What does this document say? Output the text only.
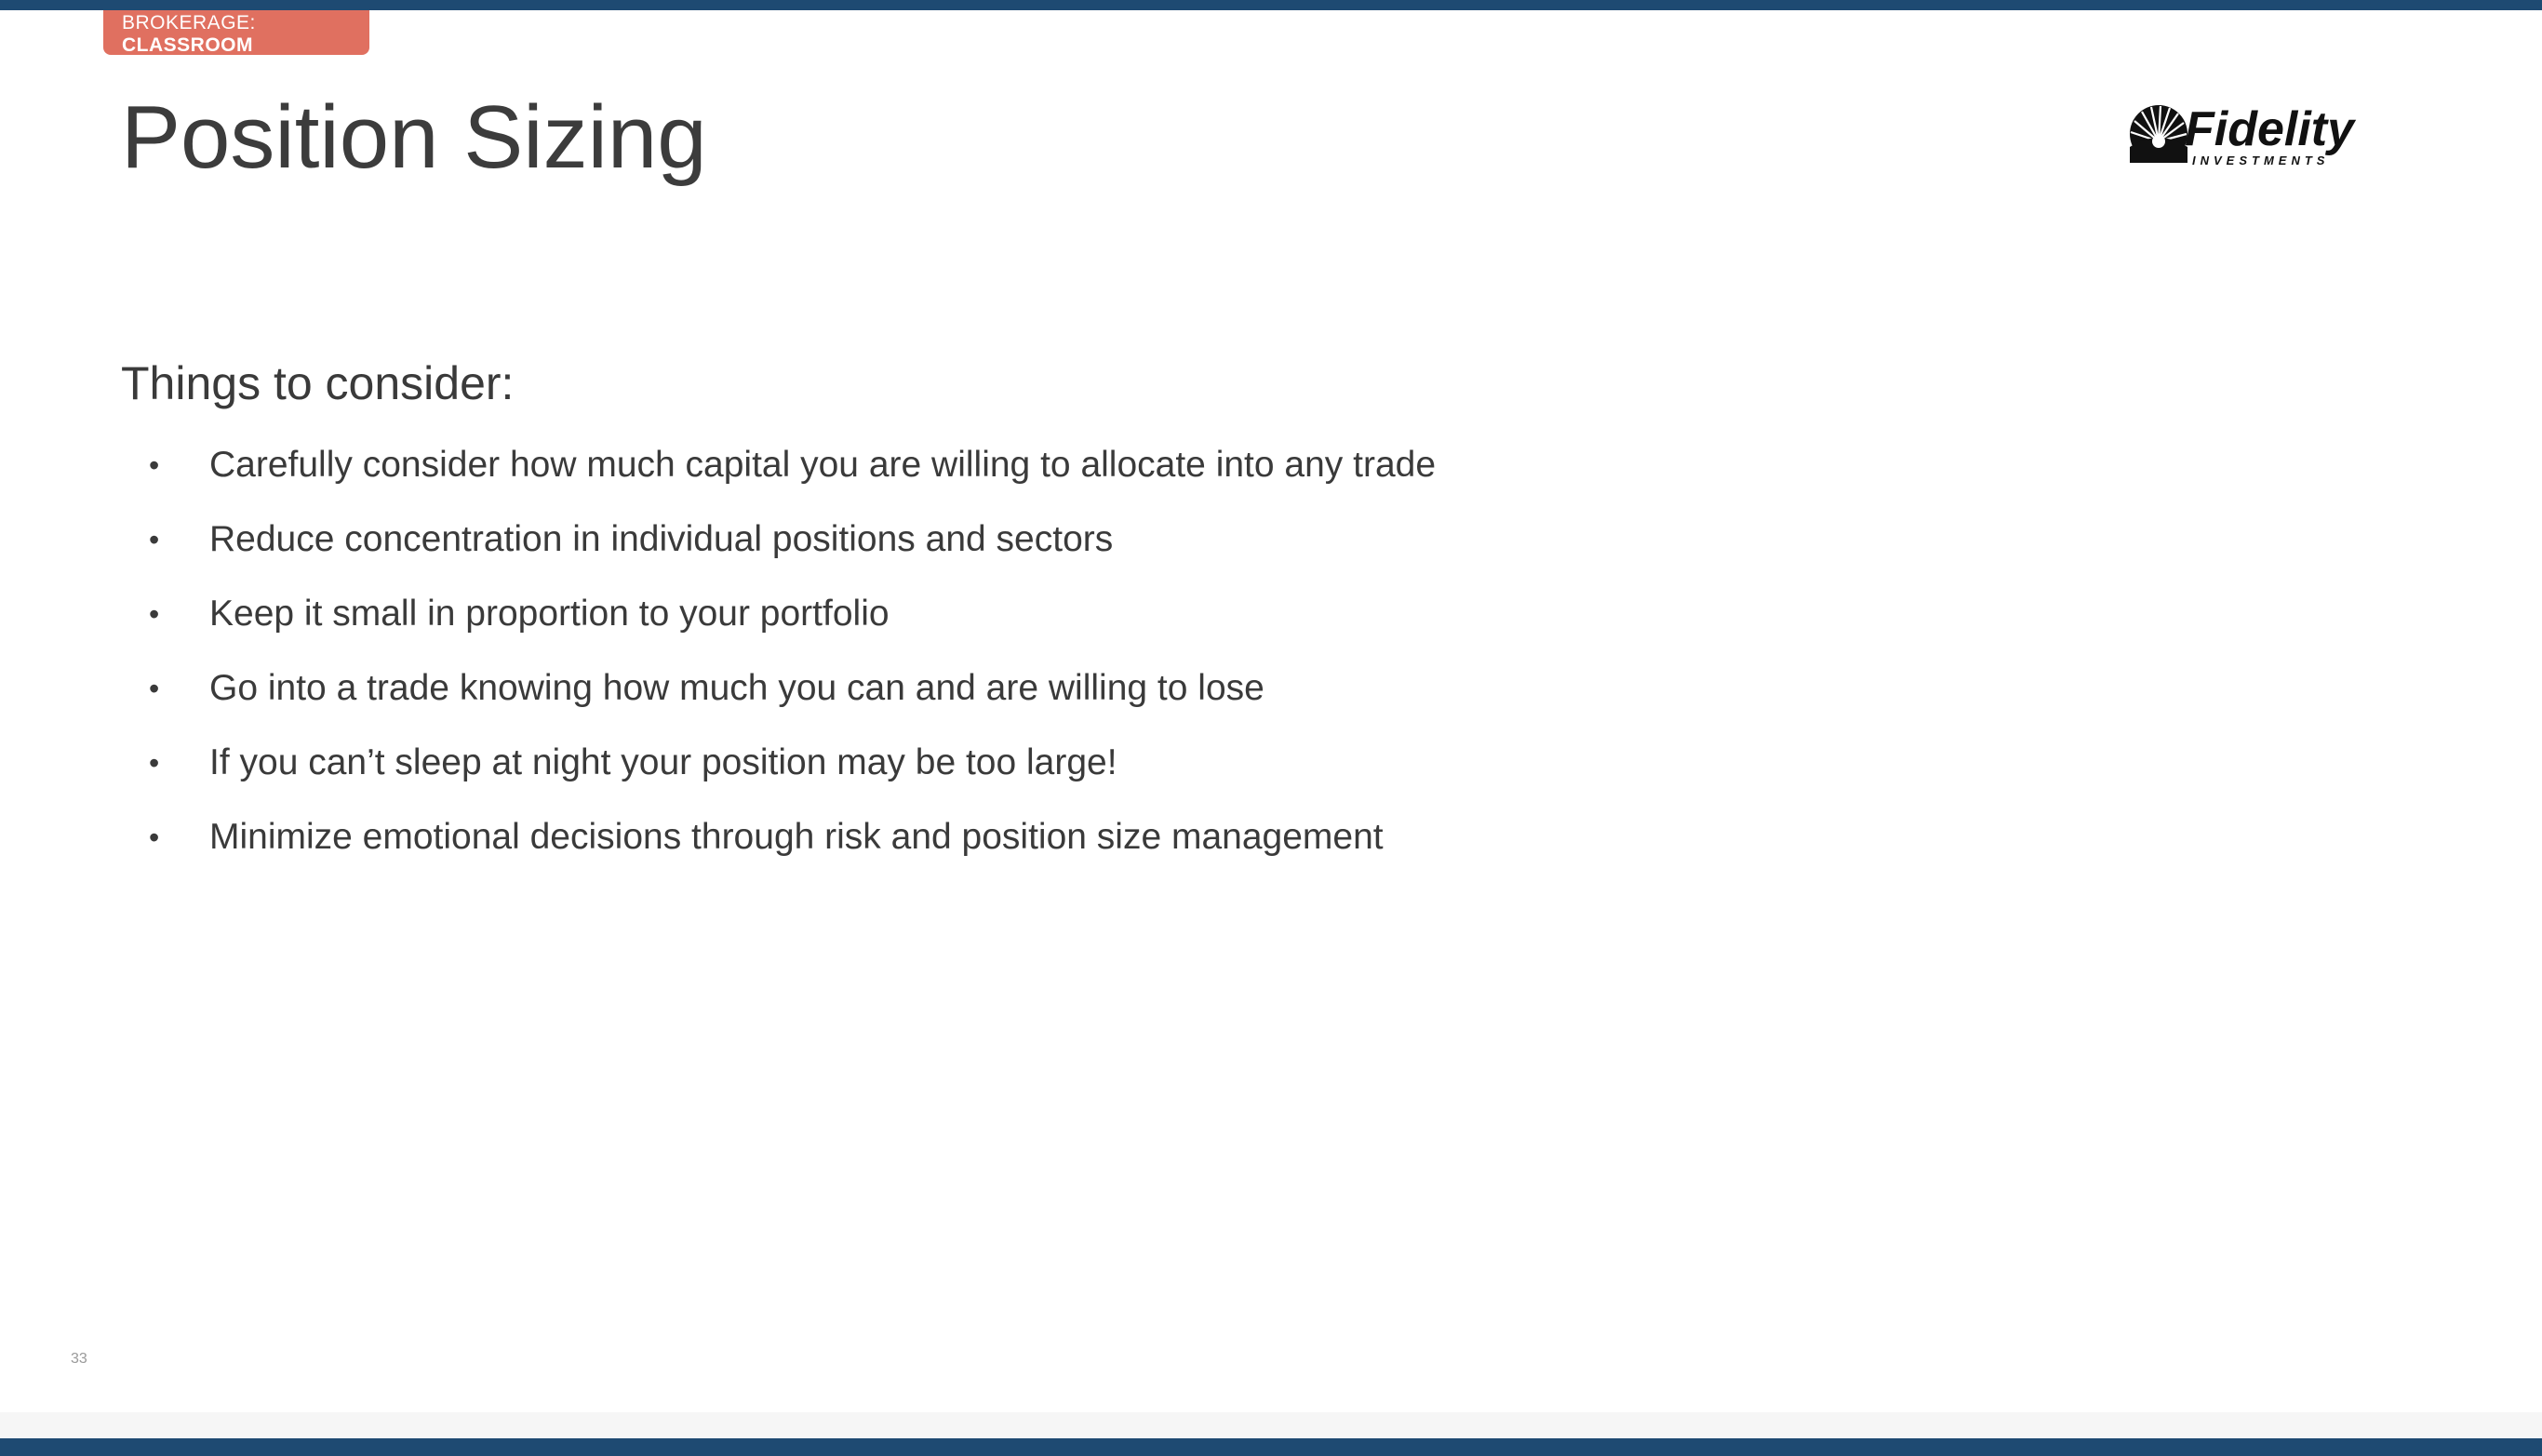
BROKERAGE:
CLASSROOM
Position Sizing	Fidelity
INVESTMENTS
Things to consider:
• Carefully consider how much capital you are willing to allocate into any trade
• Reduce concentration in individual positions and sectors
• Keep it small in proportion to your portfolio
• Go into a trade knowing how much you can and are willing to lose
• If you can’t sleep at night your position may be too large!
• Minimize emotional decisions through risk and position size management
33
